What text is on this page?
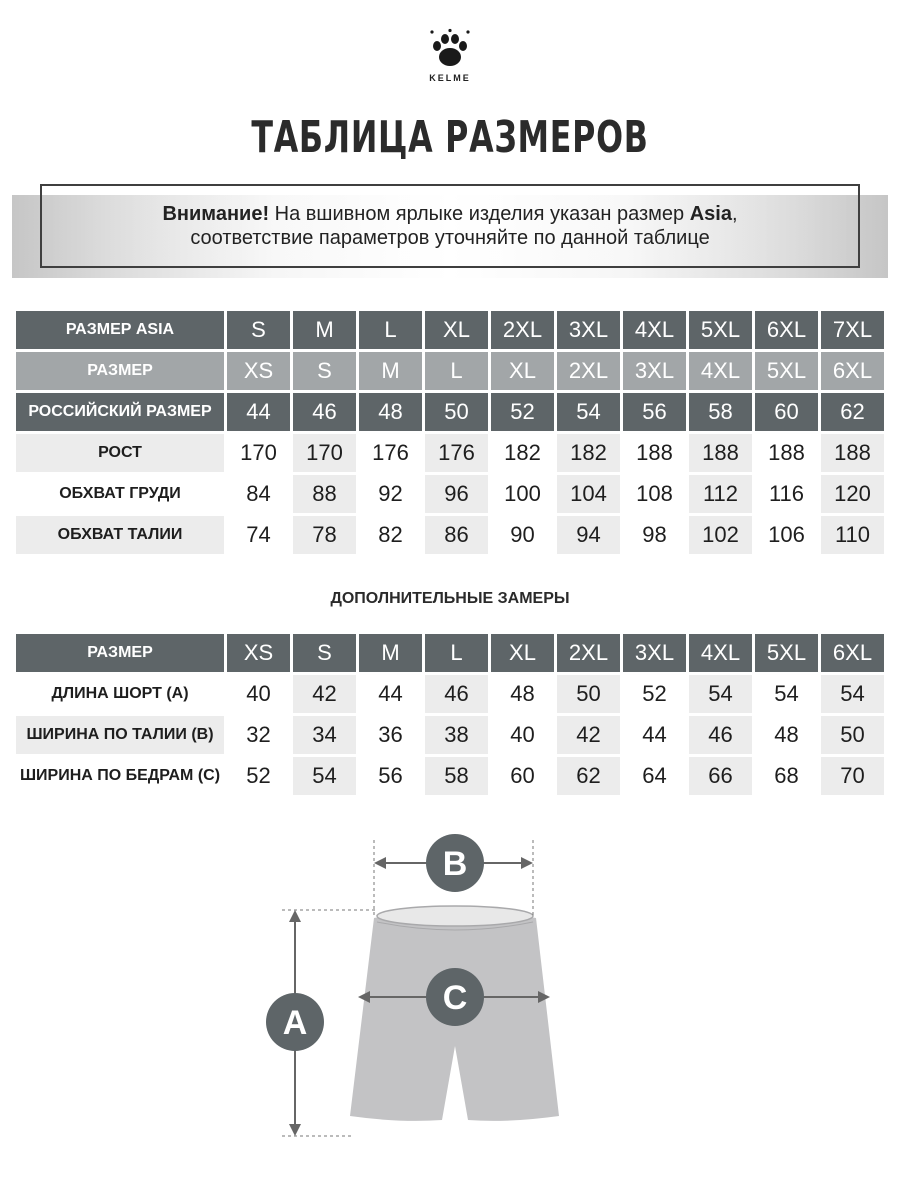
KELME
ТАБЛИЦА РАЗМЕРОВ
Внимание! На вшивном ярлыке изделия указан размер Asia,
соответствие параметров уточняйте по данной таблице
РАЗМЕР ASIA	S	M	L	XL	2XL	3XL	4XL	5XL	6XL	7XL
РАЗМЕР	XS	S	M	L	XL	2XL	3XL	4XL	5XL	6XL
РОССИЙСКИЙ РАЗМЕР	44	46	48	50	52	54	56	58	60	62
РОСТ	170	170	176	176	182	182	188	188	188	188
ОБХВАТ ГРУДИ	84	88	92	96	100	104	108	112	116	120
ОБХВАТ ТАЛИИ	74	78	82	86	90	94	98	102	106	110
ДОПОЛНИТЕЛЬНЫЕ ЗАМЕРЫ
РАЗМЕР	XS	S	M	L	XL	2XL	3XL	4XL	5XL	6XL
ДЛИНА ШОРТ (А)	40	42	44	46	48	50	52	54	54	54
ШИРИНА ПО ТАЛИИ (В)	32	34	36	38	40	42	44	46	48	50
ШИРИНА ПО БЕДРАМ (С)	52	54	56	58	60	62	64	66	68	70
B
C
A
